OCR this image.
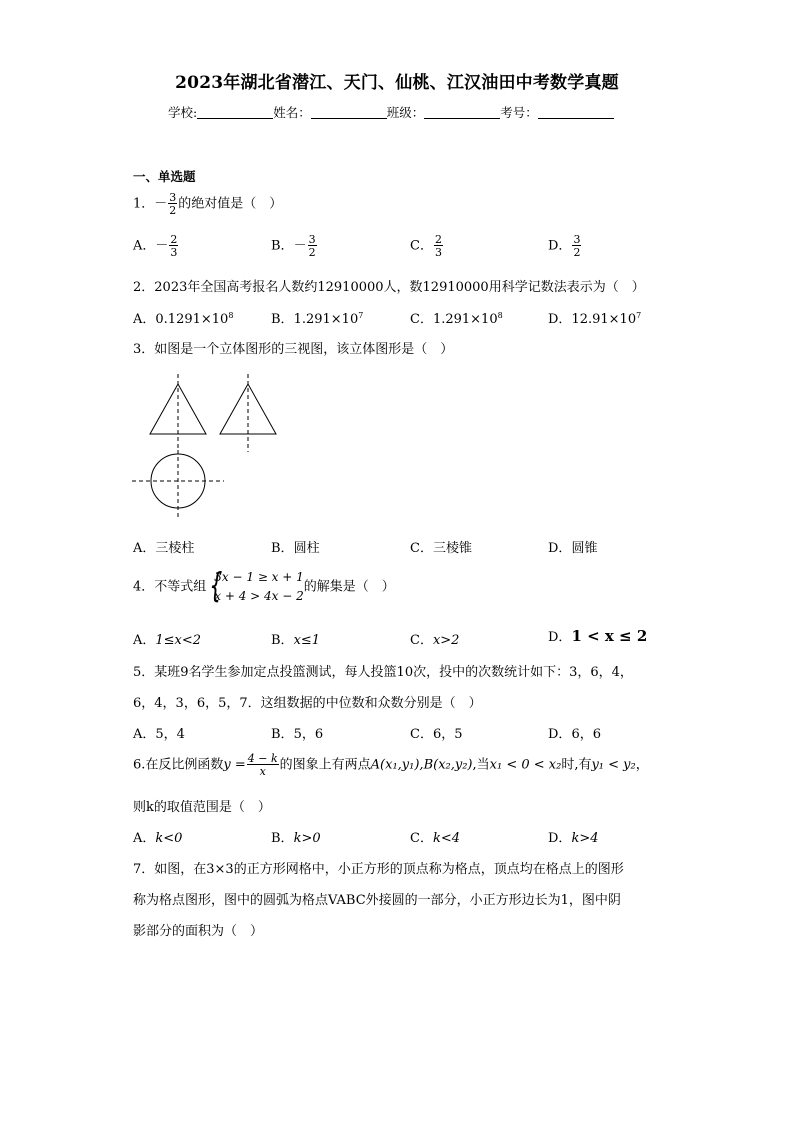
2023年湖北省潜江、天门、仙桃、江汉油田中考数学真题
学校:	姓名：	班级：	考号：
一、单选题
1．－ $\frac{3}{2}$ 的绝对值是（　）
A．－ $\frac{2}{3}$	B．－ $\frac{3}{2}$	C． $\frac{2}{3}$	D． $\frac{3}{2}$
2．2023年全国高考报名人数约12910000人，数12910000用科学记数法表示为（　）
A．$0.1291\times 10^8$	B．$1.291\times 10^7$	C．$1.291\times 10^8$	D．$12.91\times 10^7$
3．如图是一个立体图形的三视图，该立体图形是（　）
A．三棱柱	B．圆柱	C．三棱锥	D．圆锥
4．不等式组 {
3x − 1 ≥ x + 1
x + 4 > 4x − 2
的解集是（　）
A．1≤x<2	B．x≤1	C．x>2	D．1 < x ≤ 2
5．某班9名学生参加定点投篮测试，每人投篮10次，投中的次数统计如下：3，6，4，
6，4，3，6，5，7．这组数据的中位数和众数分别是（　）
A．5，4	B．5，6	C．6，5	D．6，6
6.在反比例函数$y = \frac{4 - k}{x}$ 的图象上有两点A(x₁,y₁),B(x₂,y₂),当x₁ < 0 < x₂时,有y₁ < y₂，
则k的取值范围是（　）
A．k<0	B．k>0	C．k<4	D．k>4
7．如图，在3×3的正方形网格中，小正方形的顶点称为格点，顶点均在格点上的图形
称为格点图形，图中的圆弧为格点VABC外接圆的一部分，小正方形边长为1，图中阴
影部分的面积为（　）
